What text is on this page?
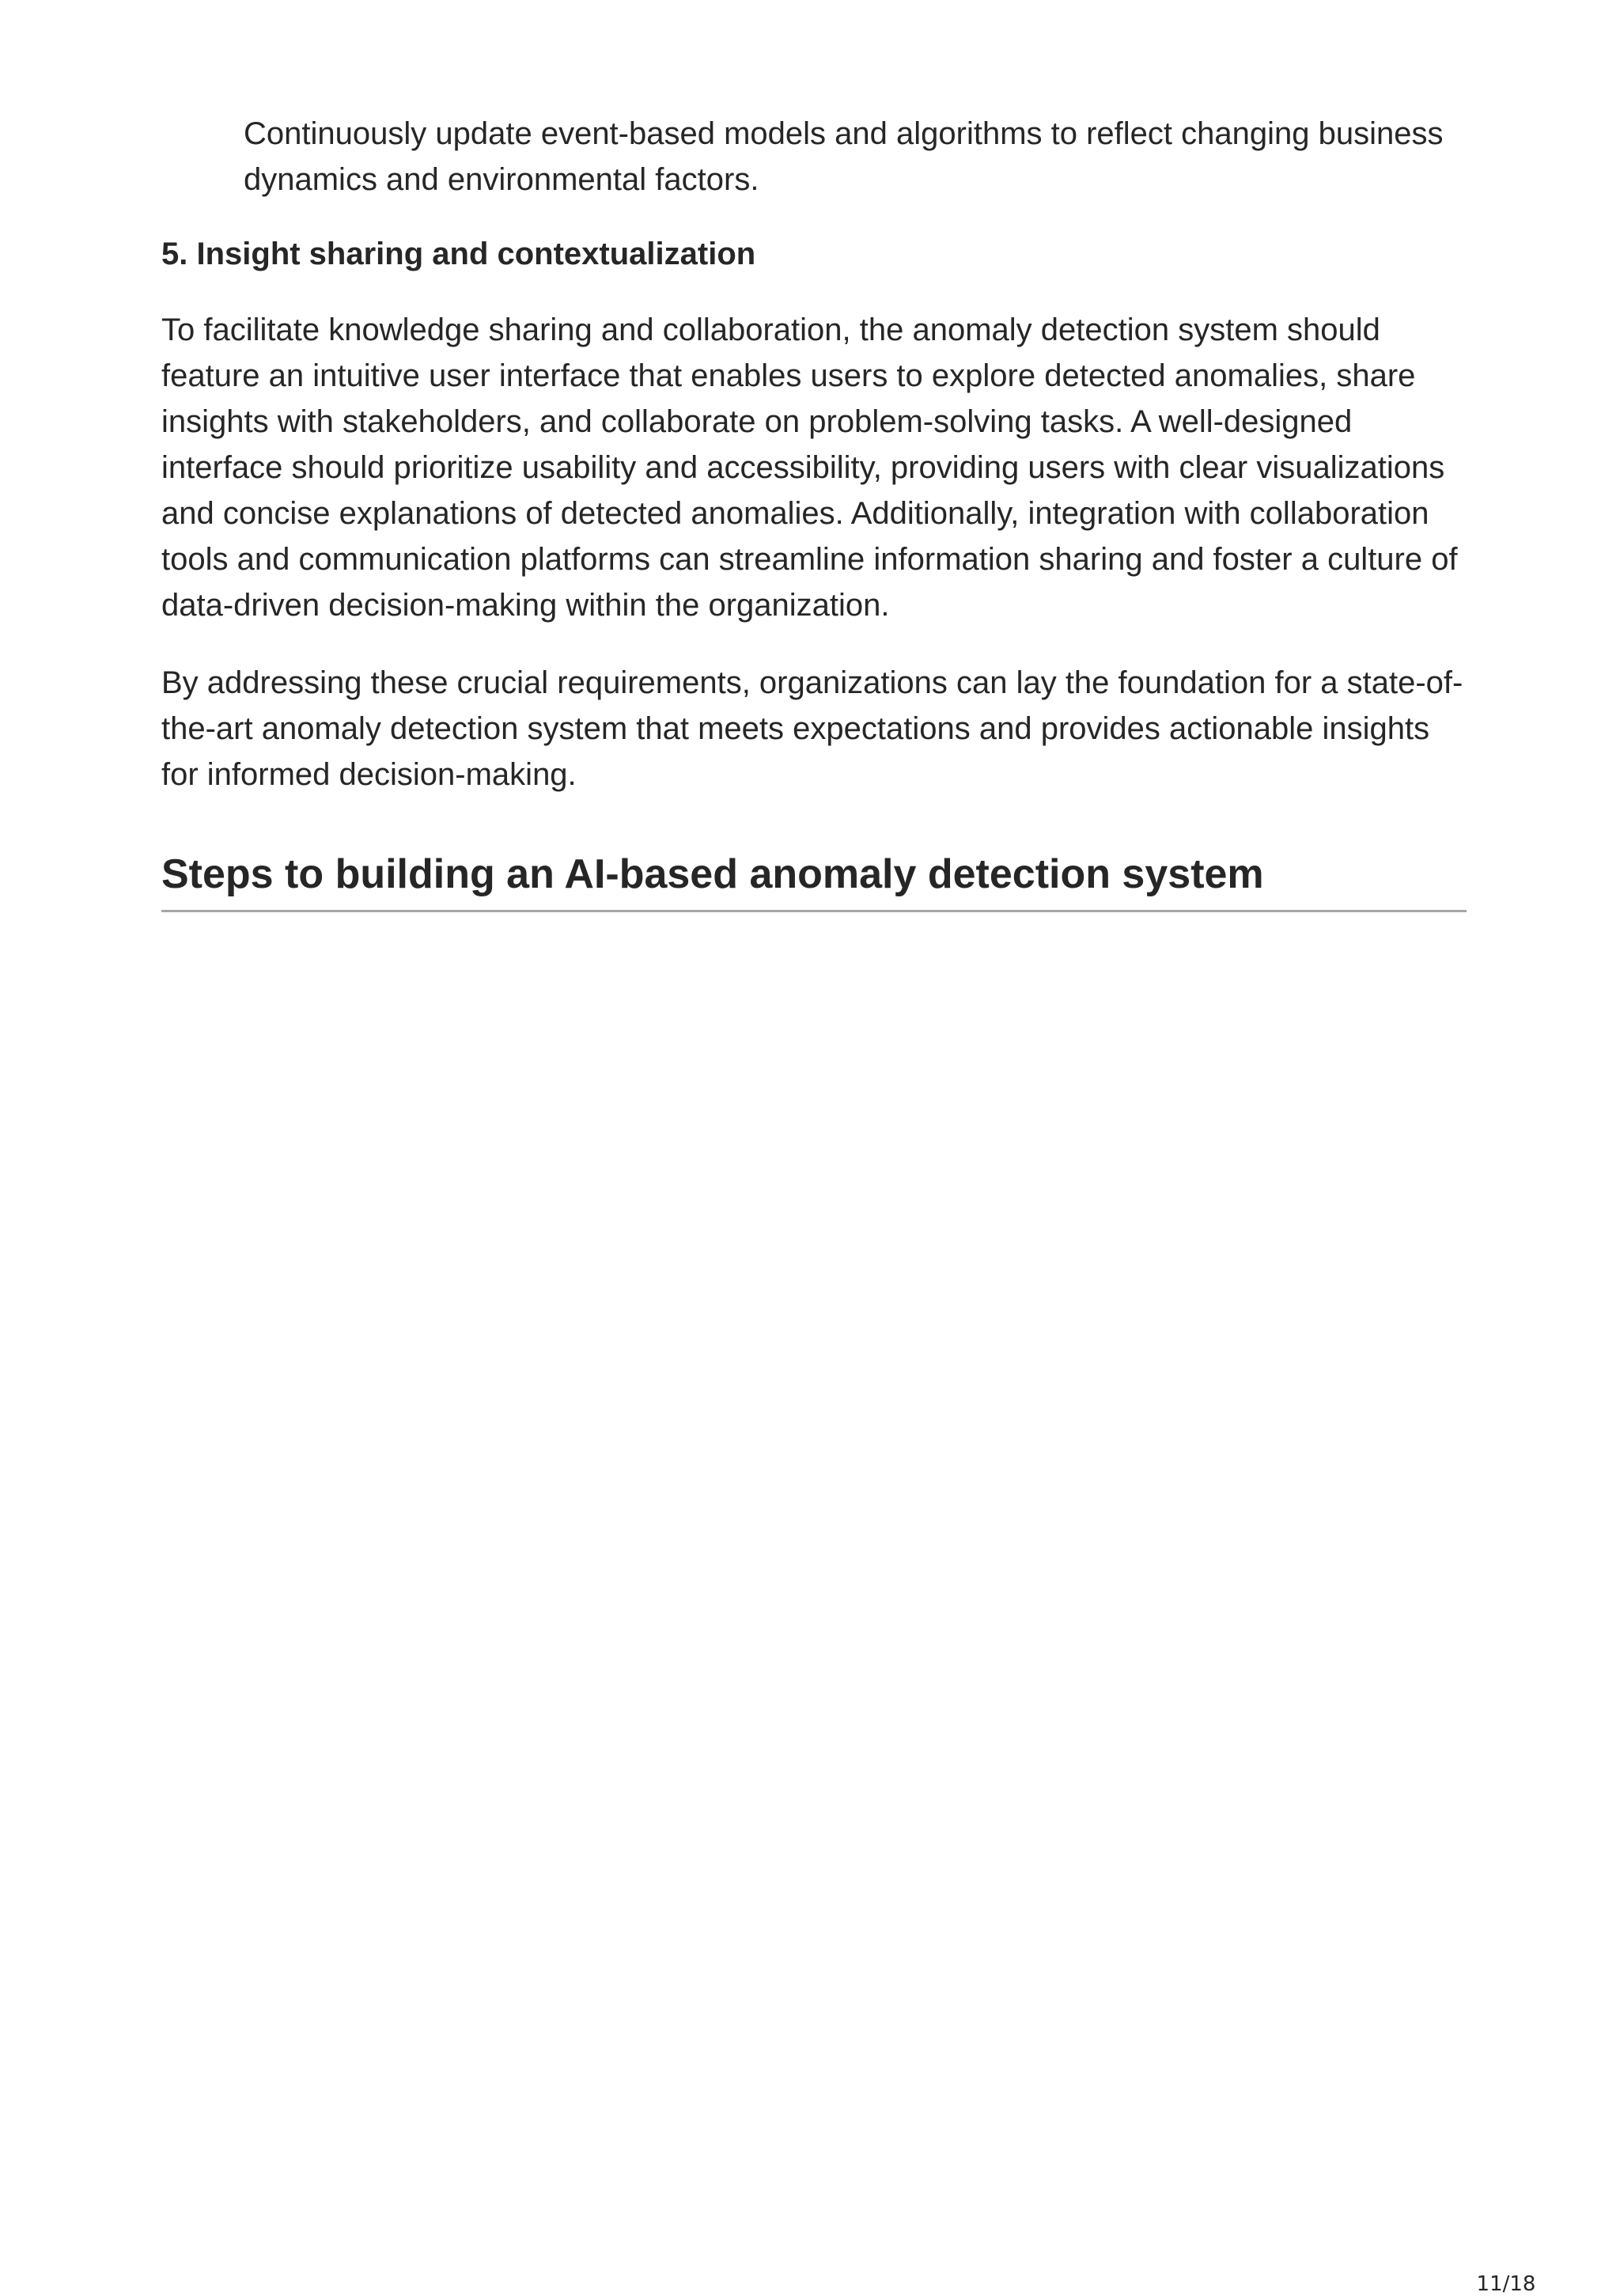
Continuously update event-based models and algorithms to reflect changing business dynamics and environmental factors.

5. Insight sharing and contextualization

To facilitate knowledge sharing and collaboration, the anomaly detection system should feature an intuitive user interface that enables users to explore detected anomalies, share insights with stakeholders, and collaborate on problem-solving tasks. A well-designed interface should prioritize usability and accessibility, providing users with clear visualizations and concise explanations of detected anomalies. Additionally, integration with collaboration tools and communication platforms can streamline information sharing and foster a culture of data-driven decision-making within the organization.

By addressing these crucial requirements, organizations can lay the foundation for a state-of-the-art anomaly detection system that meets expectations and provides actionable insights for informed decision-making.

Steps to building an AI-based anomaly detection system
11/18
